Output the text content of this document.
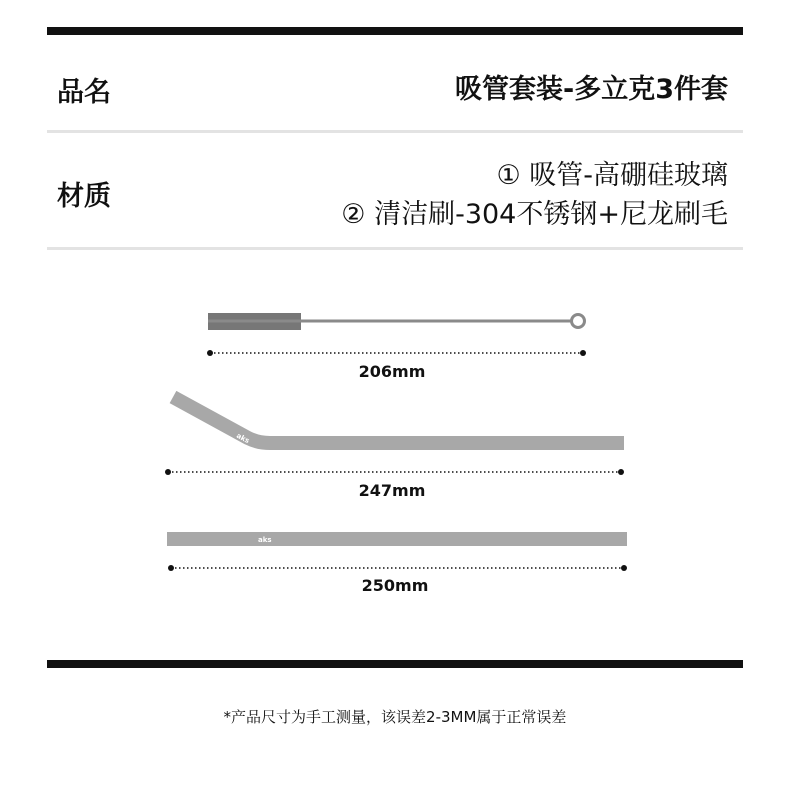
品名	吸管套装-多立克3件套
材质
① 吸管-高硼硅玻璃
② 清洁刷-304不锈钢+尼龙刷毛
aks
aks
206mm
247mm
250mm
*产品尺寸为手工测量，该误差2-3MM属于正常误差
